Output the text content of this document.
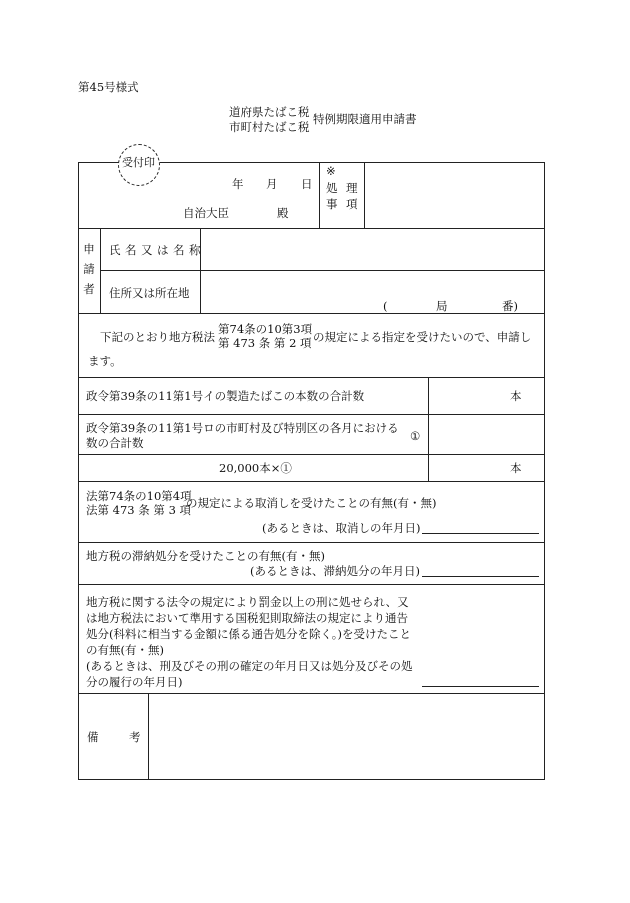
第45号様式
道府県たばこ税
市町村たばこ税
特例期限適用申請書
受付印
年 月 日
自治大臣	殿
※
処 理
事 項
申請者
氏名又は名称
住所又は所在地
(	局	番)
下記のとおり地方税法
第74条の10第3項
第 473 条 第 2 項 の規定による指定を受けたいので、申請し
ます。
政令第39条の11第1号イの製造たばこの本数の合計数	本
政令第39条の11第1号ロの市町村及び特別区の各月における
数の合計数	①
20,000本×①	本
法第74条の10第4項
法第 473 条 第 3 項
の規定による取消しを受けたことの有無(有・無)
(あるときは、取消しの年月日)
地方税の滞納処分を受けたことの有無(有・無)
(あるときは、滞納処分の年月日)
地方税に関する法令の規定により罰金以上の刑に処せられ、又
は地方税法において準用する国税犯則取締法の規定により通告
処分(科料に相当する金額に係る通告処分を除く。)を受けたこと
の有無(有・無)
(あるときは、刑及びその刑の確定の年月日又は処分及びその処
分の履行の年月日)
備	考
